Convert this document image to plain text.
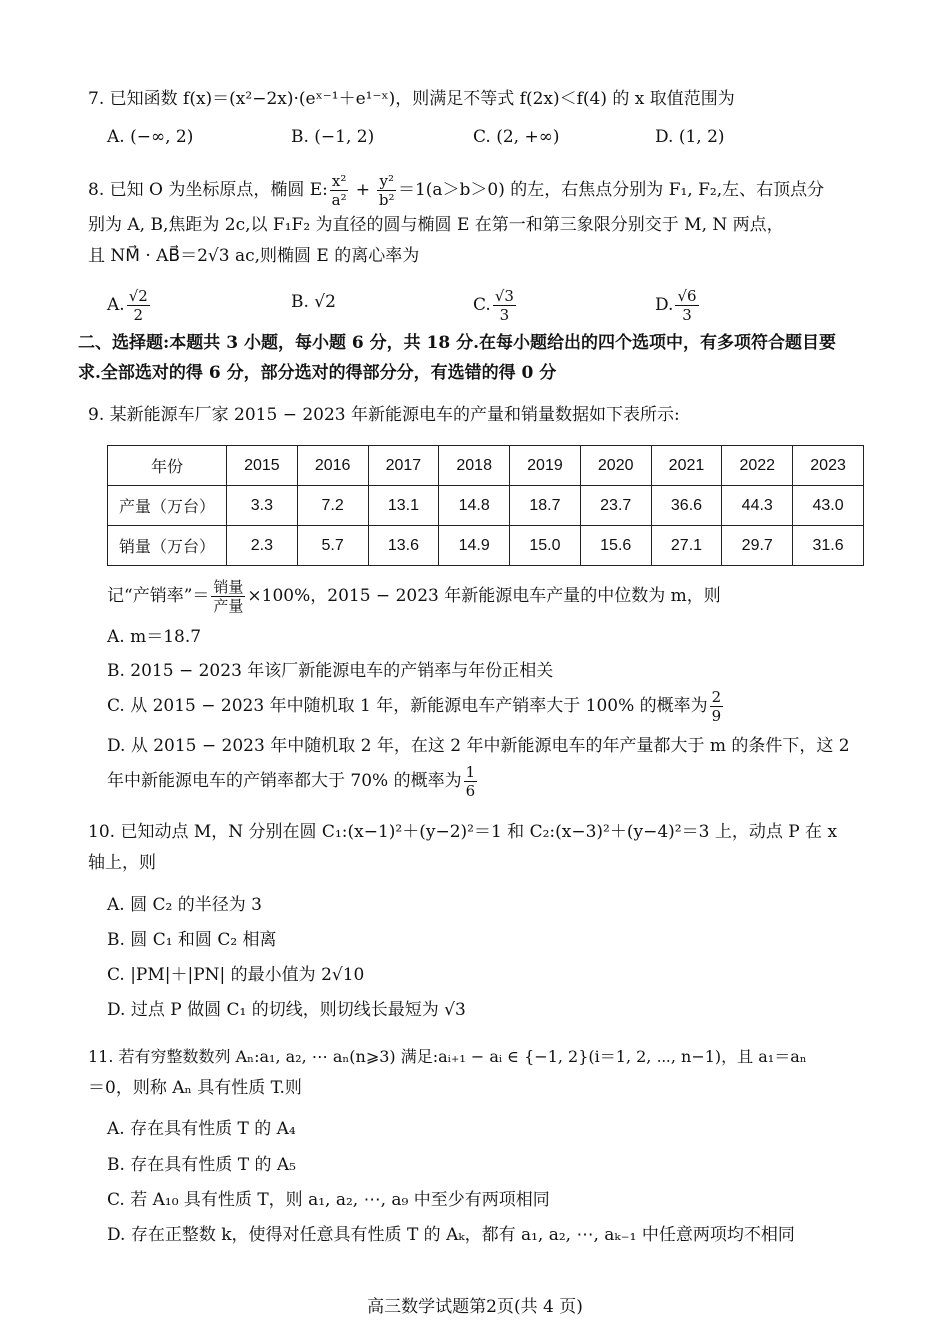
7. 已知函数 f(x)＝(x²−2x)·(eˣ⁻¹＋e¹⁻ˣ)，则满足不等式 f(2x)＜f(4) 的 x 取值范围为
A. (−∞, 2)	B. (−1, 2)	C. (2, +∞)	D. (1, 2)
8. 已知 O 为坐标原点，椭圆 E: $\frac{\text{x²}}{\text{a²}} + \frac{\text{y²}}{\text{b²}} =1(a>b>0)$ 的左，右焦点分别为 F₁, F₂,左、右顶点分
别为 A, B,焦距为 2c,以 F₁F₂ 为直径的圆与椭圆 E 在第一和第三象限分别交于 M, N 两点，
且 NM⃗ · AB⃗＝2√3 ac,则椭圆 E 的离心率为
A. $\frac{√2}{2}$	B. √2	C. $\frac{√3}{3}$	D. $\frac{√6}{3}$
二、选择题:本题共 3 小题，每小题 6 分，共 18 分.在每小题给出的四个选项中，有多项符合题目要
求.全部选对的得 6 分，部分选对的得部分分，有选错的得 0 分
9. 某新能源车厂家 2015 − 2023 年新能源电车的产量和销量数据如下表所示:
年份	2015	2016	2017	2018	2019	2020	2021	2022	2023
产量（万台）	3.3	7.2	13.1	14.8	18.7	23.7	36.6	44.3	43.0
销量（万台）	2.3	5.7	13.6	14.9	15.0	15.6	27.1	29.7	31.6
记“产销率”＝ $\frac{\text{销量}}{\text{产量}} \times 100\%$，2015 − 2023 年新能源电车产量的中位数为 m，则
A. m＝18.7
B. 2015 − 2023 年该厂新能源电车的产销率与年份正相关
C. 从 2015 − 2023 年中随机取 1 年，新能源电车产销率大于 100% 的概率为 $\frac{2}{9}$
D. 从 2015 − 2023 年中随机取 2 年，在这 2 年中新能源电车的年产量都大于 m 的条件下，这 2
年中新能源电车的产销率都大于 70% 的概率为 $\frac{1}{6}$
10. 已知动点 M，N 分别在圆 C₁:(x−1)²＋(y−2)²＝1 和 C₂:(x−3)²＋(y−4)²＝3 上，动点 P 在 x
轴上，则
A. 圆 C₂ 的半径为 3
B. 圆 C₁ 和圆 C₂ 相离
C. |PM|＋|PN| 的最小值为 2√10
D. 过点 P 做圆 C₁ 的切线，则切线长最短为 √3
11. 若有穷整数数列 Aₙ:a₁, a₂, ⋯ aₙ(n⩾3) 满足:aᵢ₊₁ − aᵢ ∈ {−1, 2}(i＝1, 2, ⋯, n−1)，且 a₁＝aₙ
＝0，则称 Aₙ 具有性质 T.则
A. 存在具有性质 T 的 A₄
B. 存在具有性质 T 的 A₅
C. 若 A₁₀ 具有性质 T，则 a₁, a₂, ⋯, a₉ 中至少有两项相同
D. 存在正整数 k，使得对任意具有性质 T 的 Aₖ，都有 a₁, a₂, ⋯, aₖ₋₁ 中任意两项均不相同
高三数学试题第2页(共 4 页)
